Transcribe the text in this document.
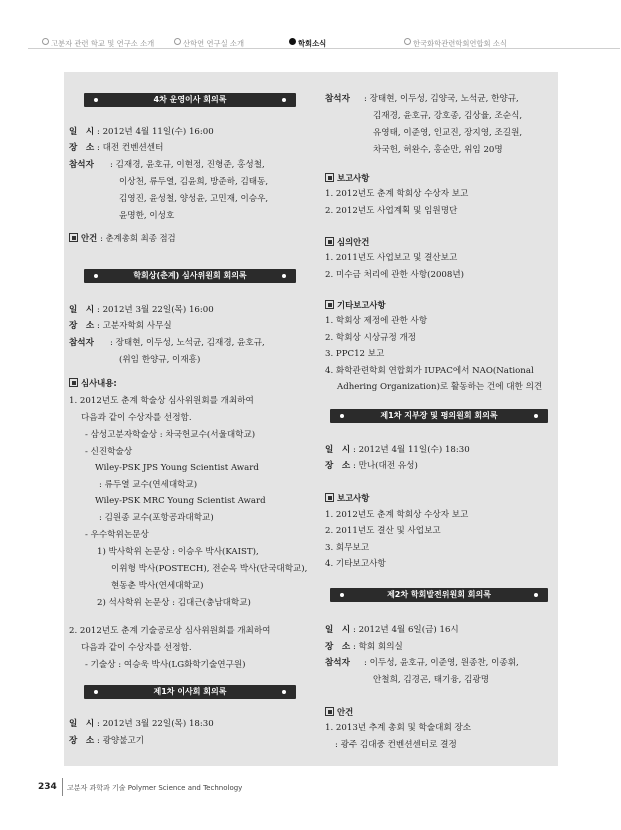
고분자 관련 학교 및 연구소 소개	산학연 연구실 소개	학회소식	한국화학관련학회연합회 소식
4차 운영이사 회의록
일　시 : 2012년 4월 11일(수) 16:00
장　소 : 대전 컨벤션센터
참석자 : 김재경, 윤호규, 이현정, 진형준, 홍성철,
이상천, 류두열, 김윤희, 방준하, 김태동,
김영진, 윤성철, 양성윤, 고민재, 이승우,
윤명한, 이성호
안건 : 춘계총회 최종 점검
학회상(춘계) 심사위원회 회의록
일　시 : 2012년 3월 22일(목) 16:00
장　소 : 고분자학회 사무실
참석자 : 장태현, 이두성, 노석균, 김재경, 윤호규,
(위임 한양규, 이재흥)
심사내용:
1. 2012년도 춘계 학술상 심사위원회를 개최하여
다음과 같이 수상자를 선정함.
- 삼성고분자학술상 : 차국헌교수(서울대학교)
- 신진학술상
Wiley-PSK JPS Young Scientist Award
: 류두열 교수(연세대학교)
Wiley-PSK MRC Young Scientist Award
: 김원종 교수(포항공과대학교)
- 우수학위논문상
1) 박사학위 논문상 : 이승우 박사(KAIST),
이위형 박사(POSTECH), 전순옥 박사(단국대학교),
현동춘 박사(연세대학교)
2) 석사학위 논문상 : 김대근(충남대학교)
2. 2012년도 춘계 기술공로상 심사위원회를 개최하여
다음과 같이 수상자를 선정함.
- 기술상 : 여승욱 박사(LG화학기술연구원)
제1차 이사회 회의록
일　시 : 2012년 3월 22일(목) 18:30
장　소 : 광양불고기
참석자 : 장태현, 이두성, 김양국, 노석균, 한양규,
김재경, 윤호규, 강호종, 김상율, 조순식,
유영태, 이준영, 인교진, 장지영, 조길원,
차국헌, 허완수, 홍순만, 위임 20명
보고사항
1. 2012년도 춘계 학회상 수상자 보고
2. 2012년도 사업계획 및 임원명단
심의안건
1. 2011년도 사업보고 및 결산보고
2. 미수금 처리에 관한 사항(2008년)
기타보고사항
1. 학회상 제정에 관한 사항
2. 학회상 시상규정 개정
3. PPC12 보고
4. 화학관련학회 연합회가 IUPAC에서 NAO(National
Adhering Organization)로 활동하는 건에 대한 의견
제1차 지부장 및 평의원회 회의록
일　시 : 2012년 4월 11일(수) 18:30
장　소 : 만나(대전 유성)
보고사항
1. 2012년도 춘계 학회상 수상자 보고
2. 2011년도 결산 및 사업보고
3. 회무보고
4. 기타보고사항
제2차 학회발전위원회 회의록
일　시 : 2012년 4월 6일(금) 16시
장　소 : 학회 회의실
참석자 : 이두성, 윤호규, 이준영, 원종찬, 이종휘,
안철희, 김경곤, 태기융, 김광명
안건
1. 2013년 추계 총회 및 학술대회 장소
: 광주 김대중 컨벤션센터로 결정
234 고분자 과학과 기술 Polymer Science and Technology
